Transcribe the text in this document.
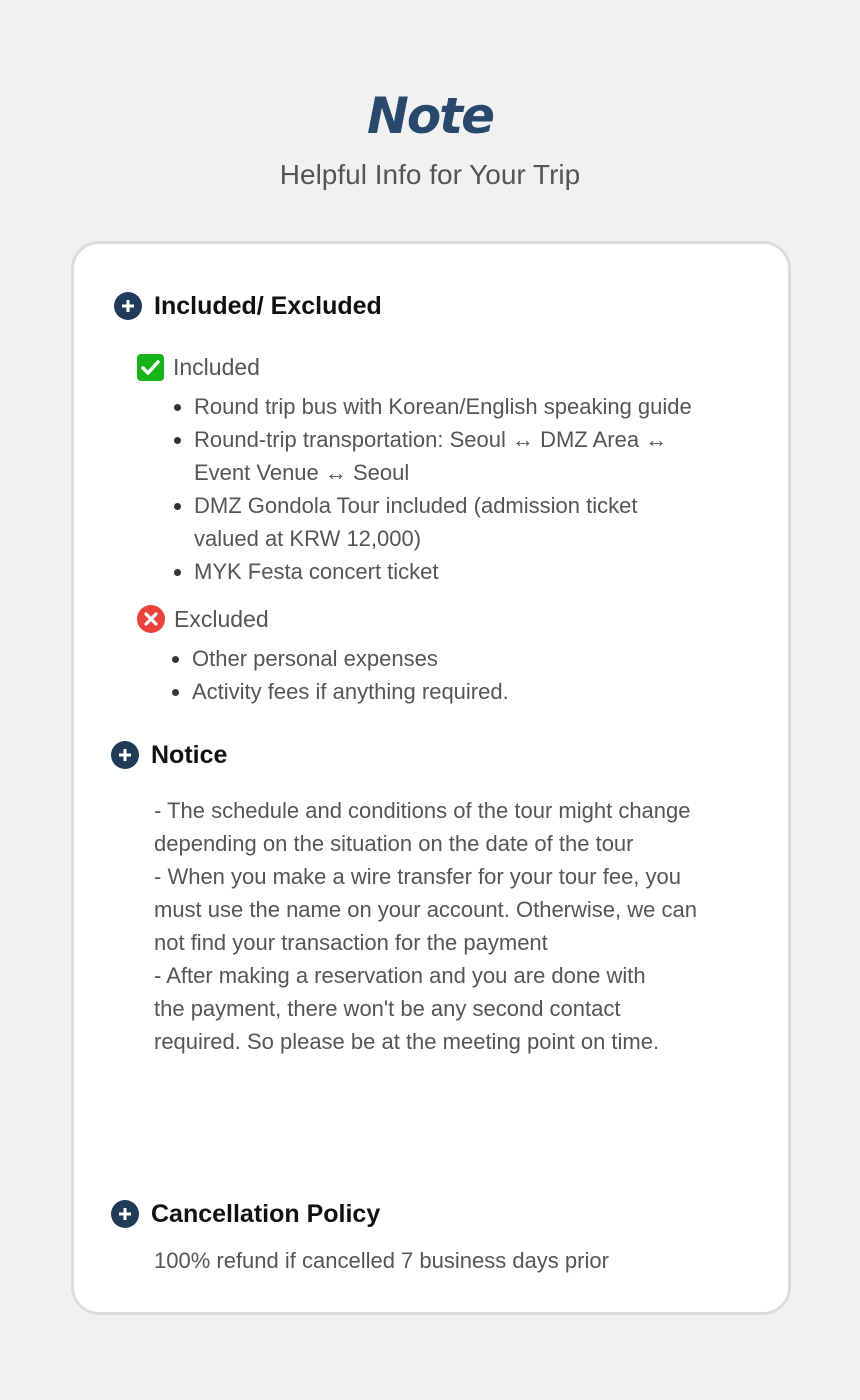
Note
Helpful Info for Your Trip
Included/ Excluded
Included
Round trip bus with Korean/English speaking guide
Round-trip transportation: Seoul ↔ DMZ Area ↔ Event Venue ↔ Seoul
DMZ Gondola Tour included (admission ticket valued at KRW 12,000)
MYK Festa concert ticket
Excluded
Other personal expenses
Activity fees if anything required.
Notice

- The schedule and conditions of the tour might change depending on the situation on the date of the tour

- When you make a wire transfer for your tour fee, you must use the name on your account. Otherwise, we can not find your transaction for the payment

- After making a reservation and you are done with the payment, there won't be any second contact required. So please be at the meeting point on time.

Cancellation Policy
100% refund if cancelled 7 business days prior
